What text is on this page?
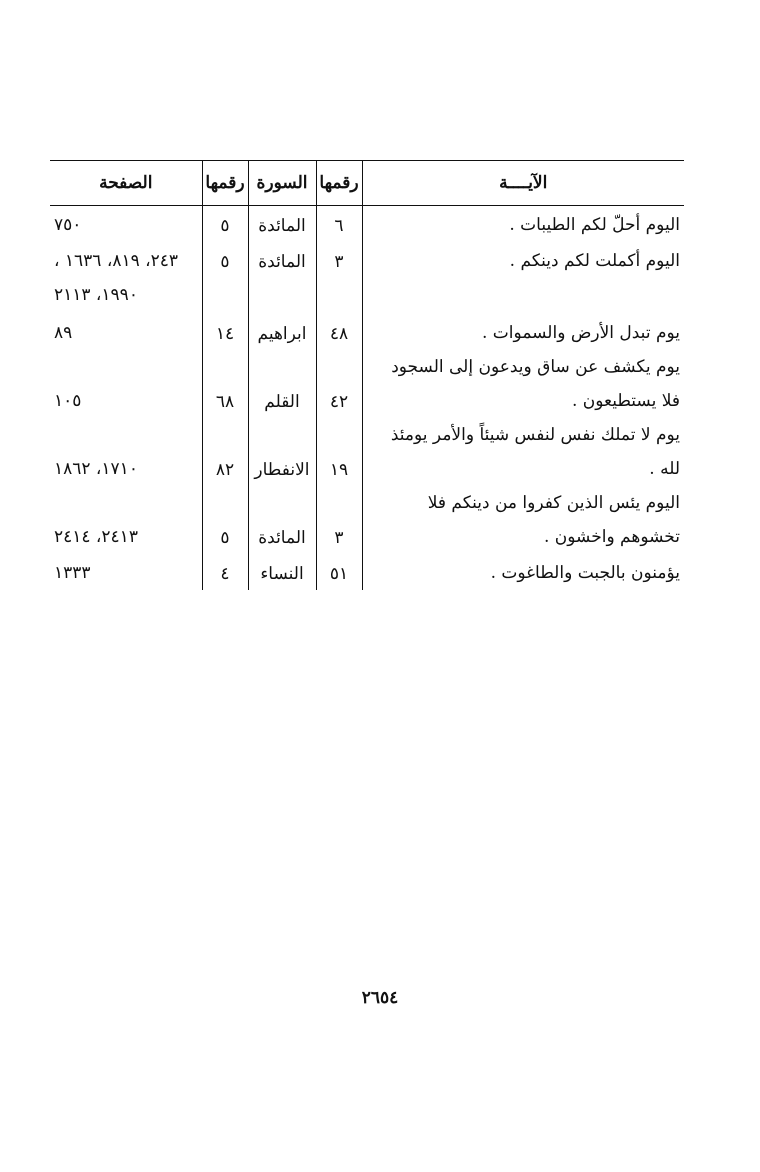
الآيــــة	رقمها	السورة	رقمها	الصفحة
اليوم أحلّ لكم الطيبات .	٦	المائدة	٥	٧٥٠

اليوم أكملت لكم دينكم .	٣	المائدة	٥	٢٤٣، ٨١٩، ١٦٣٦ ،

				١٩٩٠، ٢١١٣

يوم تبدل الأرض والسموات .	٤٨	ابراهيم	١٤	٨٩

يوم يكشف عن ساق ويدعون إلى السجود فلا يستطيعون .	٤٢	القلم	٦٨	١٠٥

يوم لا تملك نفس لنفس شيئاً والأمر يومئذ لله .	١٩	الانفطار	٨٢	١٧١٠، ١٨٦٢

اليوم يئس الذين كفروا من دينكم فلا تخشوهم واخشون .	٣	المائدة	٥	٢٤١٣، ٢٤١٤

يؤمنون بالجبت والطاغوت .	٥١	النساء	٤	١٣٣٣
٢٦٥٤
